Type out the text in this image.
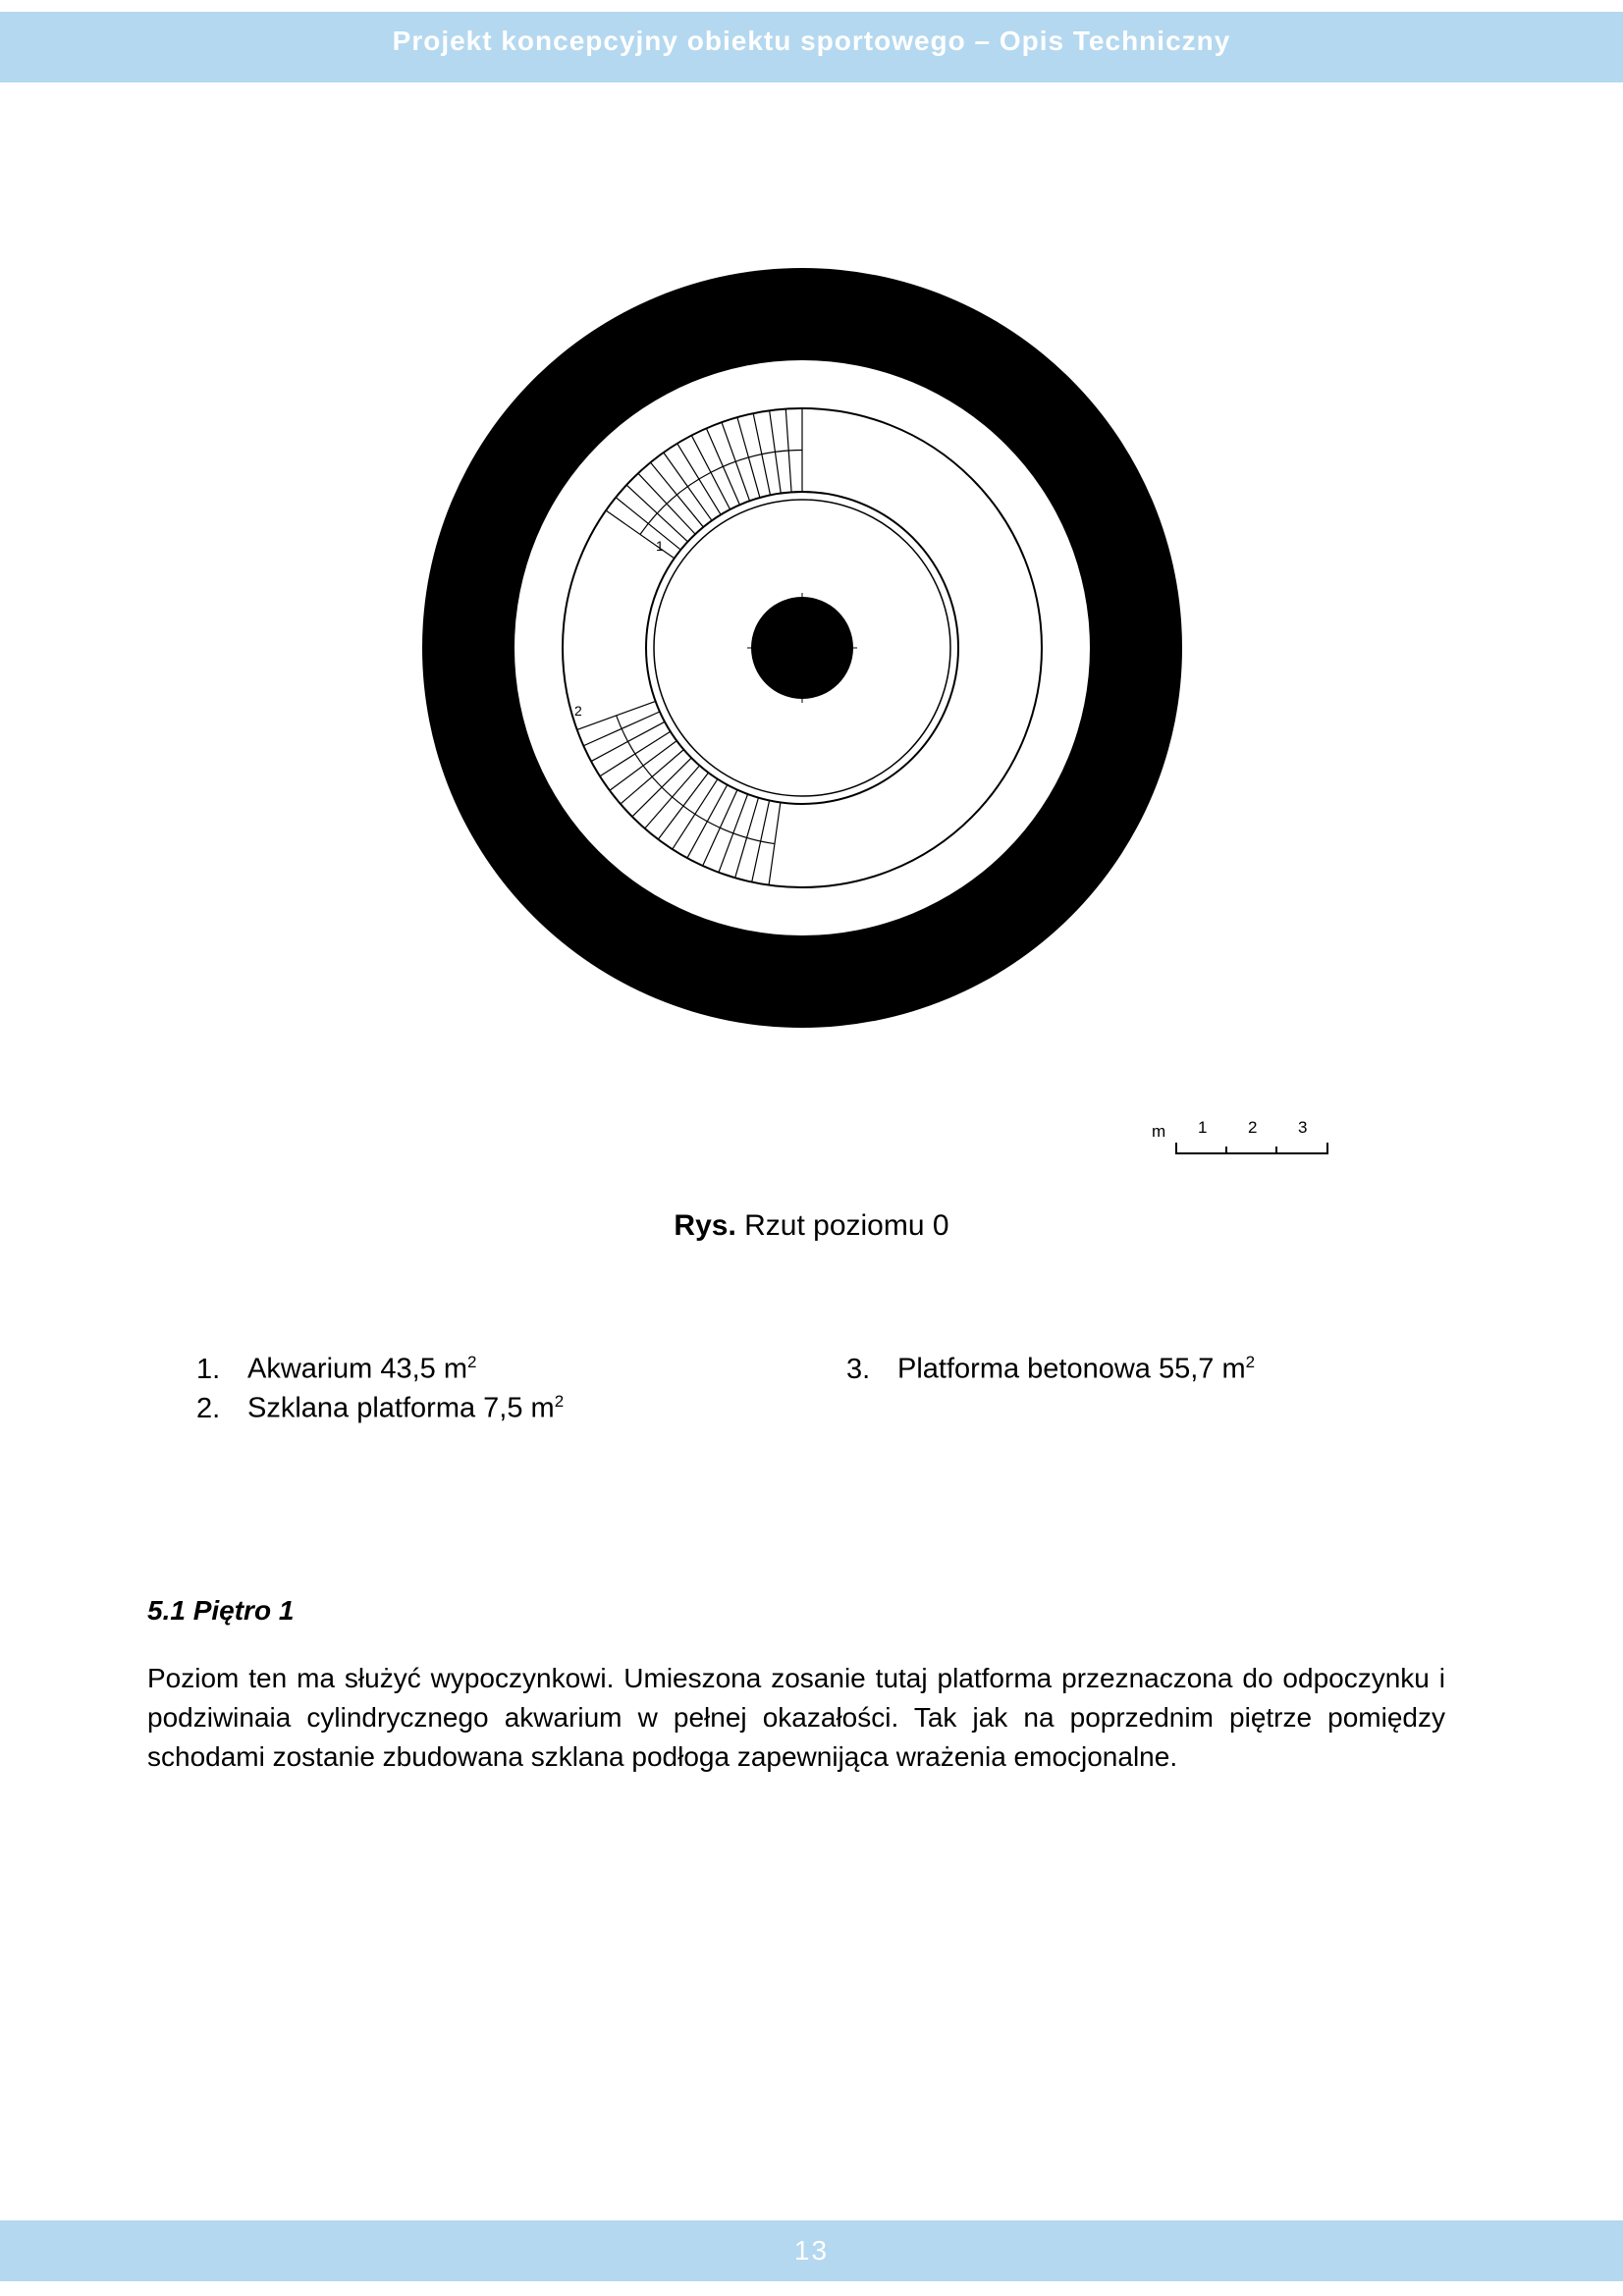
Projekt koncepcyjny obiektu sportowego – Opis Techniczny
1
2
3
m 1 2 3
Rys. Rzut poziomu 0
1. Akwarium 43,5 $m^2$
2. Szklana platforma 7,5 $m^2$
3. Platforma betonowa 55,7 $m^2$
5.1 Piętro 1
Poziom ten ma służyć wypoczynkowi. Umieszona zosanie tutaj platforma przeznaczona do odpoczynku i podziwinaia cylindrycznego akwarium w pełnej okazałości. Tak jak na poprzednim piętrze pomiędzy schodami zostanie zbudowana szklana podłoga zapewnijąca wrażenia emocjonalne.
13
